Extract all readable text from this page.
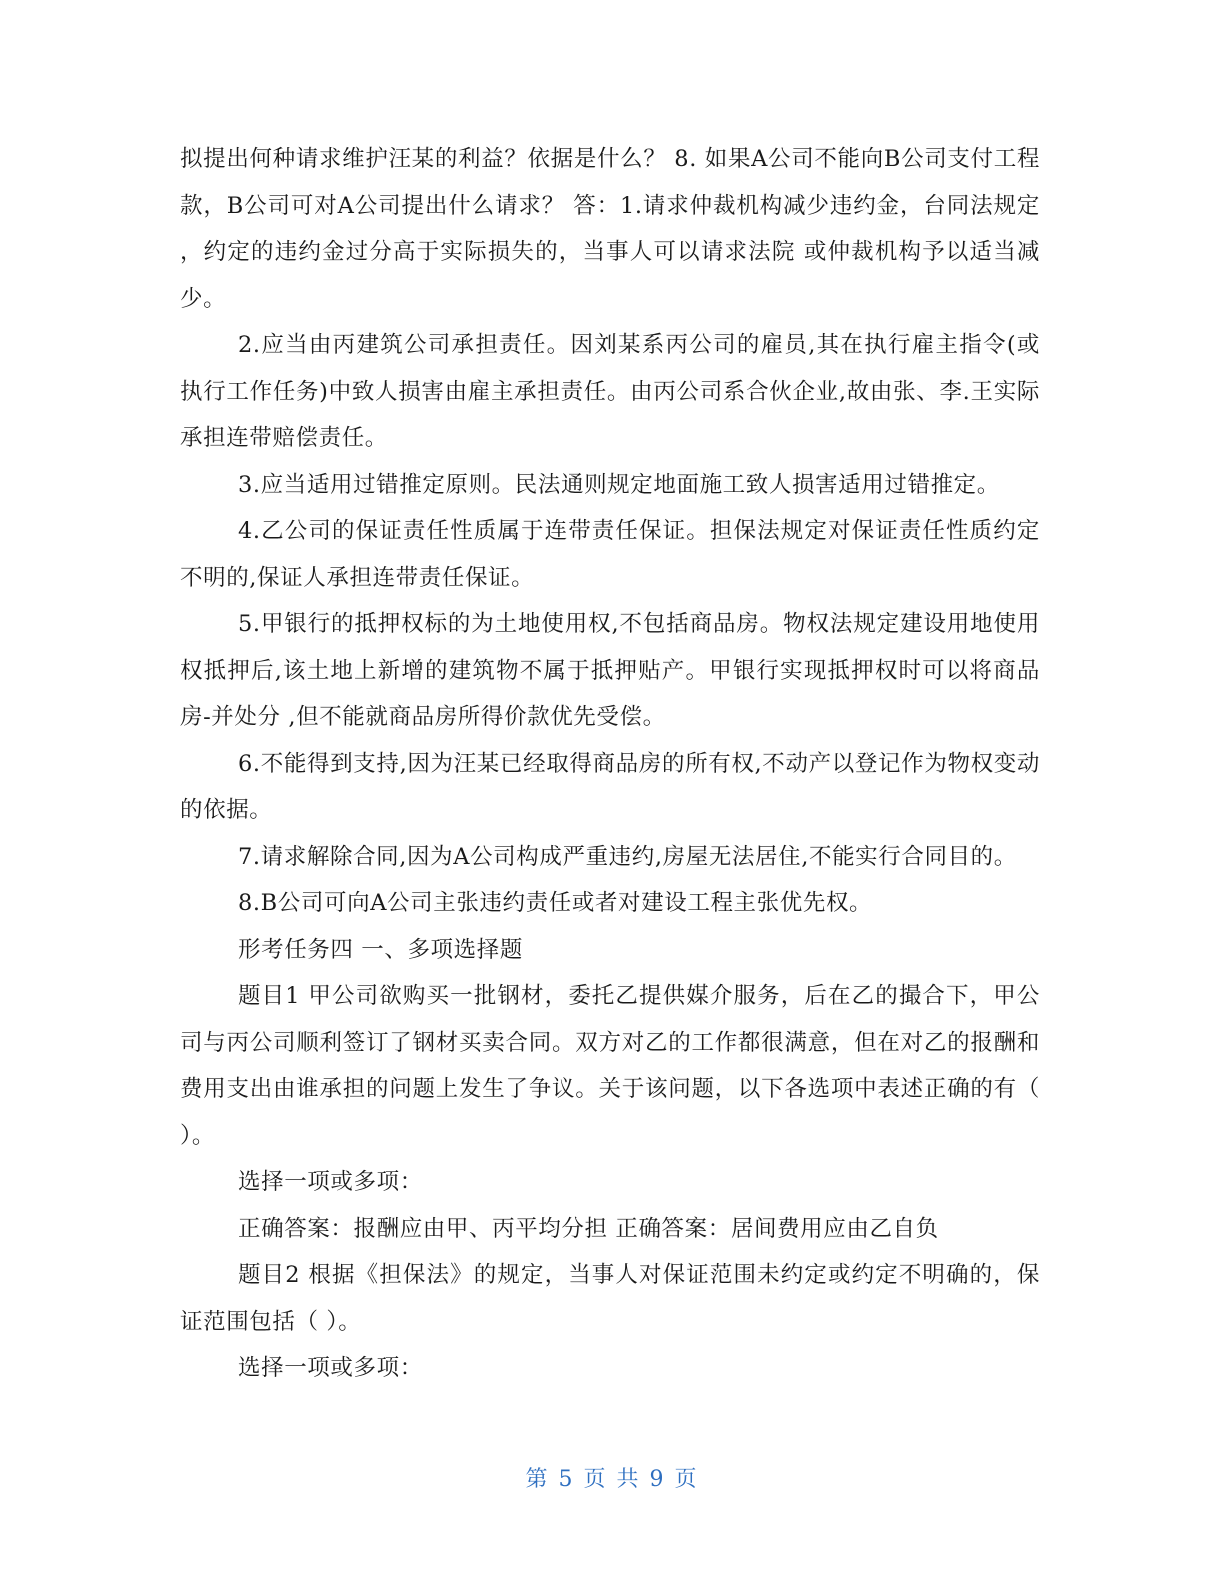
拟提出何种请求维护汪某的利益？依据是什么？ 8. 如果A公司不能向B公司支付工程款，B公司可对A公司提出什么请求？ 答：1.请求仲裁机构减少违约金，台同法规定 ，约定的违约金过分高于实际损失的，当事人可以请求法院 或仲裁机构予以适当减少。

2.应当由丙建筑公司承担责任。因刘某系丙公司的雇员,其在执行雇主指令(或执行工作任务)中致人损害由雇主承担责任。由丙公司系合伙企业,故由张、李.王实际承担连带赔偿责任。

3.应当适用过错推定原则。民法通则规定地面施工致人损害适用过错推定。

4.乙公司的保证责任性质属于连带责任保证。担保法规定对保证责任性质约定不明的,保证人承担连带责任保证。

5.甲银行的抵押权标的为土地使用权,不包括商品房。物权法规定建设用地使用权抵押后,该土地上新增的建筑物不属于抵押贴产。甲银行实现抵押权时可以将商品房-并处分 ,但不能就商品房所得价款优先受偿。

6.不能得到支持,因为汪某已经取得商品房的所有权,不动产以登记作为物权变动的依据。

7.请求解除合同,因为A公司构成严重违约,房屋无法居住,不能实行合同目的。

8.B公司可向A公司主张违约责任或者对建设工程主张优先权。

形考任务四 一、多项选择题

题目1 甲公司欲购买一批钢材，委托乙提供媒介服务，后在乙的撮合下，甲公司与丙公司顺利签订了钢材买卖合同。双方对乙的工作都很满意，但在对乙的报酬和费用支出由谁承担的问题上发生了争议。关于该问题，以下各选项中表述正确的有（ ）。

选择一项或多项：

正确答案：报酬应由甲、丙平均分担 正确答案：居间费用应由乙自负

题目2 根据《担保法》的规定，当事人对保证范围未约定或约定不明确的，保证范围包括（ ）。

选择一项或多项：

第 5 页 共 9 页
